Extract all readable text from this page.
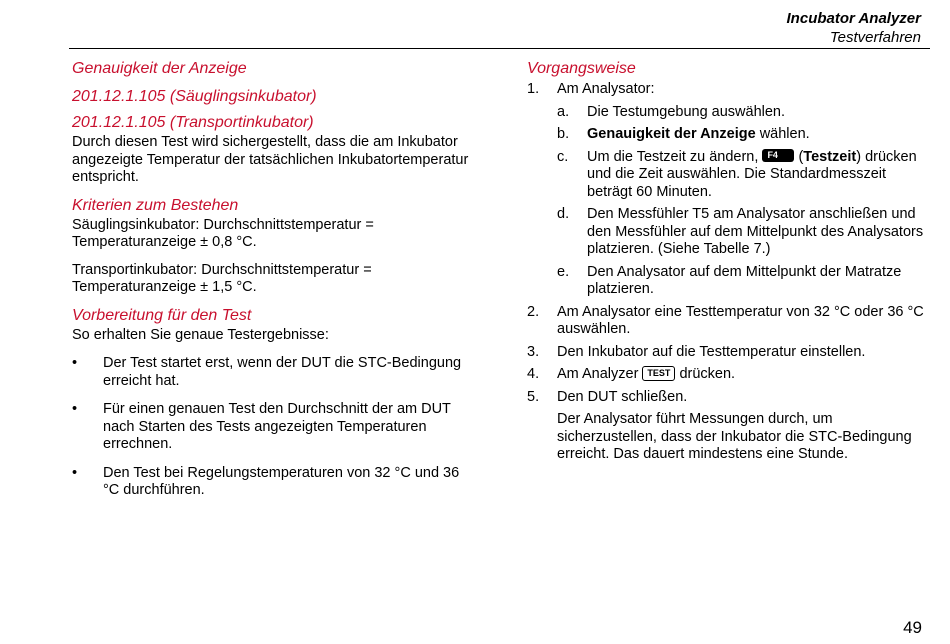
Incubator Analyzer
Testverfahren
Genauigkeit der Anzeige
201.12.1.105 (Säuglingsinkubator)
201.12.1.105 (Transportinkubator)

Durch diesen Test wird sichergestellt, dass die am Inkubator angezeigte Temperatur der tatsächlichen Inkubatortemperatur entspricht.

Kriterien zum Bestehen

Säuglingsinkubator: Durchschnittstemperatur = Temperaturanzeige ± 0,8 °C.

Transportinkubator: Durchschnittstemperatur = Temperaturanzeige ± 1,5 °C.

Vorbereitung für den Test

So erhalten Sie genaue Testergebnisse:

• Der Test startet erst, wenn der DUT die STC-Bedingung erreicht hat.
• Für einen genauen Test den Durchschnitt der am DUT nach Starten des Tests angezeigten Temperaturen errechnen.
• Den Test bei Regelungstemperaturen von 32 °C und 36 °C durchführen.
Vorgangsweise
1. Am Analysator:
a. Die Testumgebung auswählen.
b. Genauigkeit der Anzeige wählen.
c. Um die Testzeit zu ändern, F4 (Testzeit) drücken und die Zeit auswählen. Die Standardmesszeit beträgt 60 Minuten.
d. Den Messfühler T5 am Analysator anschließen und den Messfühler auf dem Mittelpunkt des Analysators platzieren. (Siehe Tabelle 7.)
e. Den Analysator auf dem Mittelpunkt der Matratze platzieren.
2. Am Analysator eine Testtemperatur von 32 °C oder 36 °C auswählen.
3. Den Inkubator auf die Testtemperatur einstellen.
4. Am Analyzer TEST drücken.
5. Den DUT schließen.

Der Analysator führt Messungen durch, um sicherzustellen, dass der Inkubator die STC-Bedingung erreicht. Das dauert mindestens eine Stunde.

49
